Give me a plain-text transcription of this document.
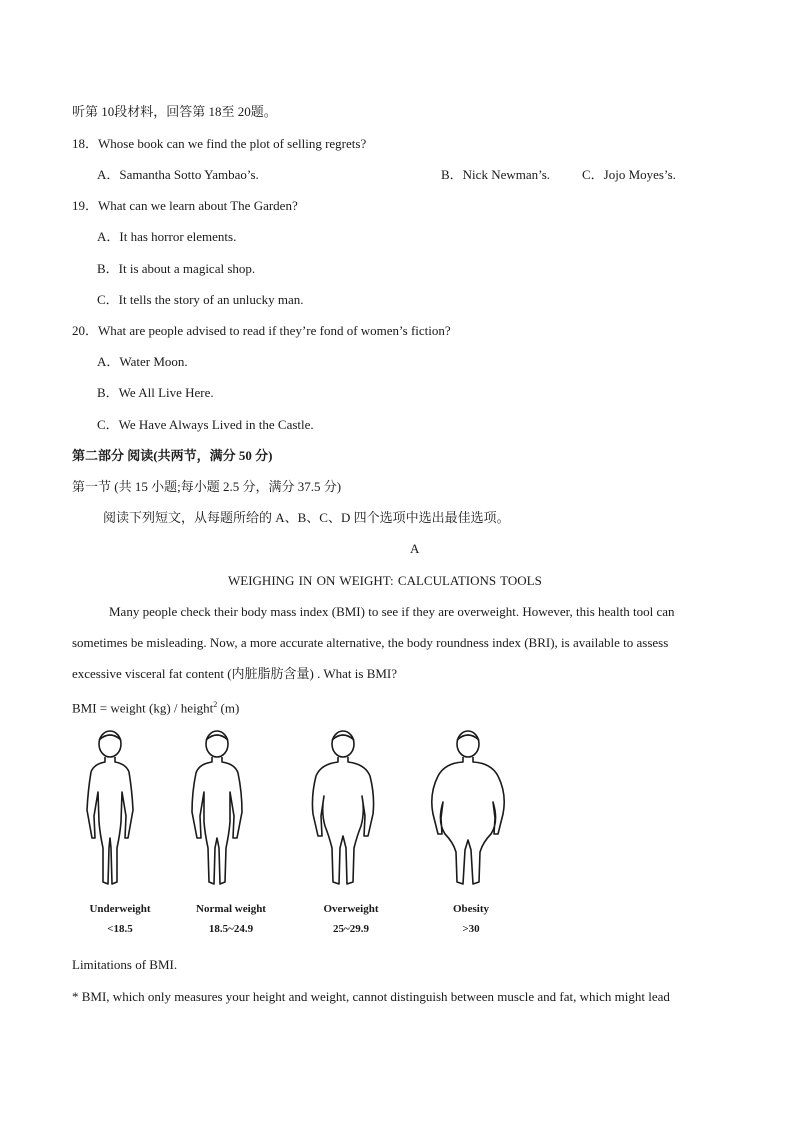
听第 10段材料，回答第 18至 20题。
18．Whose book can we find the plot of selling regrets?
A．Samantha Sotto Yambao’s.	B．Nick Newman’s. C．Jojo Moyes’s.
19．What can we learn about The Garden?
A．It has horror elements.
B．It is about a magical shop.
C．It tells the story of an unlucky man.
20．What are people advised to read if they’re fond of women’s fiction?
A．Water Moon.
B．We All Live Here.
C．We Have Always Lived in the Castle.
第二部分 阅读(共两节，满分 50 分)
第一节 (共 15 小题;每小题 2.5 分，满分 37.5 分)
阅读下列短文，从每题所给的 A、B、C、D 四个选项中选出最佳选项。
A
WEIGHING IN ON WEIGHT: CALCULATIONS TOOLS
Many people check their body mass index (BMI) to see if they are overweight. However, this health tool can
sometimes be misleading. Now, a more accurate alternative, the body roundness index (BRI), is available to assess
excessive visceral fat content (内脏脂肪含量) . What is BMI?
BMI = weight (kg) / height$^2$ (m)
Underweight
<18.5
Normal weight
18.5~24.9
Overweight
25~29.9
Obesity
>30
Limitations of BMI.
* BMI, which only measures your height and weight, cannot distinguish between muscle and fat, which might lead
